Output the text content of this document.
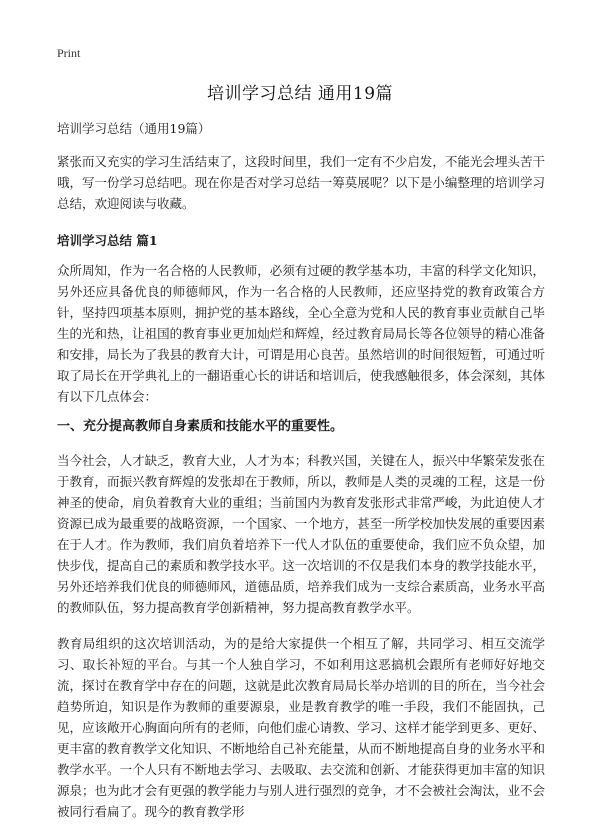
Print
培训学习总结 通用19篇

培训学习总结（通用19篇）

紧张而又充实的学习生活结束了，这段时间里，我们一定有不少启发，不能光会埋头苦干哦，写一份学习总结吧。现在你是否对学习总结一筹莫展呢？以下是小编整理的培训学习总结，欢迎阅读与收藏。

培训学习总结 篇1

众所周知，作为一名合格的人民教师，必须有过硬的教学基本功，丰富的科学文化知识，另外还应具备优良的师德师风，作为一名合格的人民教师，还应坚持党的教育政策合方针，坚持四项基本原则，拥护党的基本路线，全心全意为党和人民的教育事业贡献自己毕生的光和热，让祖国的教育事业更加灿烂和辉煌，经过教育局局长等各位领导的精心准备和安排，局长为了我县的教育大计，可谓是用心良苦。虽然培训的时间很短暂，可通过听取了局长在开学典礼上的一翻语重心长的讲话和培训后，使我感触很多，体会深刻，其体有以下几点体会：

一、充分提高教师自身素质和技能水平的重要性。

当今社会，人才缺乏，教育大业，人才为本；科教兴国，关键在人，振兴中华繁荣发张在于教育，而振兴教育辉煌的发张却在于教师，所以，教师是人类的灵魂的工程，这是一份神圣的使命，肩负着教育大业的重组；当前国内为教育发张形式非常严峻，为此迫使人才资源已成为最重要的战略资源，一个国家、一个地方，甚至一所学校加快发展的重要因素在于人才。作为教师，我们肩负着培养下一代人才队伍的重要使命，我们应不负众望，加快步伐，提高自己的素质和教学技水平。这一次培训的不仅是我们本身的教学技能水平，另外还培养我们优良的师德师风，道德品质，培养我们成为一支综合素质高，业务水平高的教师队伍，努力提高教育学创新精神，努力提高教育教学水平。

教育局组织的这次培训活动，为的是给大家提供一个相互了解，共同学习、相互交流学习、取长补短的平台。与其一个人独自学习，不如利用这恶搞机会跟所有老师好好地交流，探讨在教育学中存在的问题，这就是此次教育局局长举办培训的目的所在，当今社会趋势所迫，知识是作为教师的重要源泉，业是教育教学的唯一手段，我们不能固执，己见，应该敞开心胸面向所有的老师，向他们虚心请教、学习、这样才能学到更多、更好、更丰富的教育教学文化知识、不断地给自己补充能量，从而不断地提高自身的业务水平和教学水平。一个人只有不断地去学习、去吸取、去交流和创新、才能获得更加丰富的知识源泉；也为此才会有更强的教学能力与别人进行强烈的竞争，才不会被社会淘汰，业不会被同行看扁了。现今的教育教学形
